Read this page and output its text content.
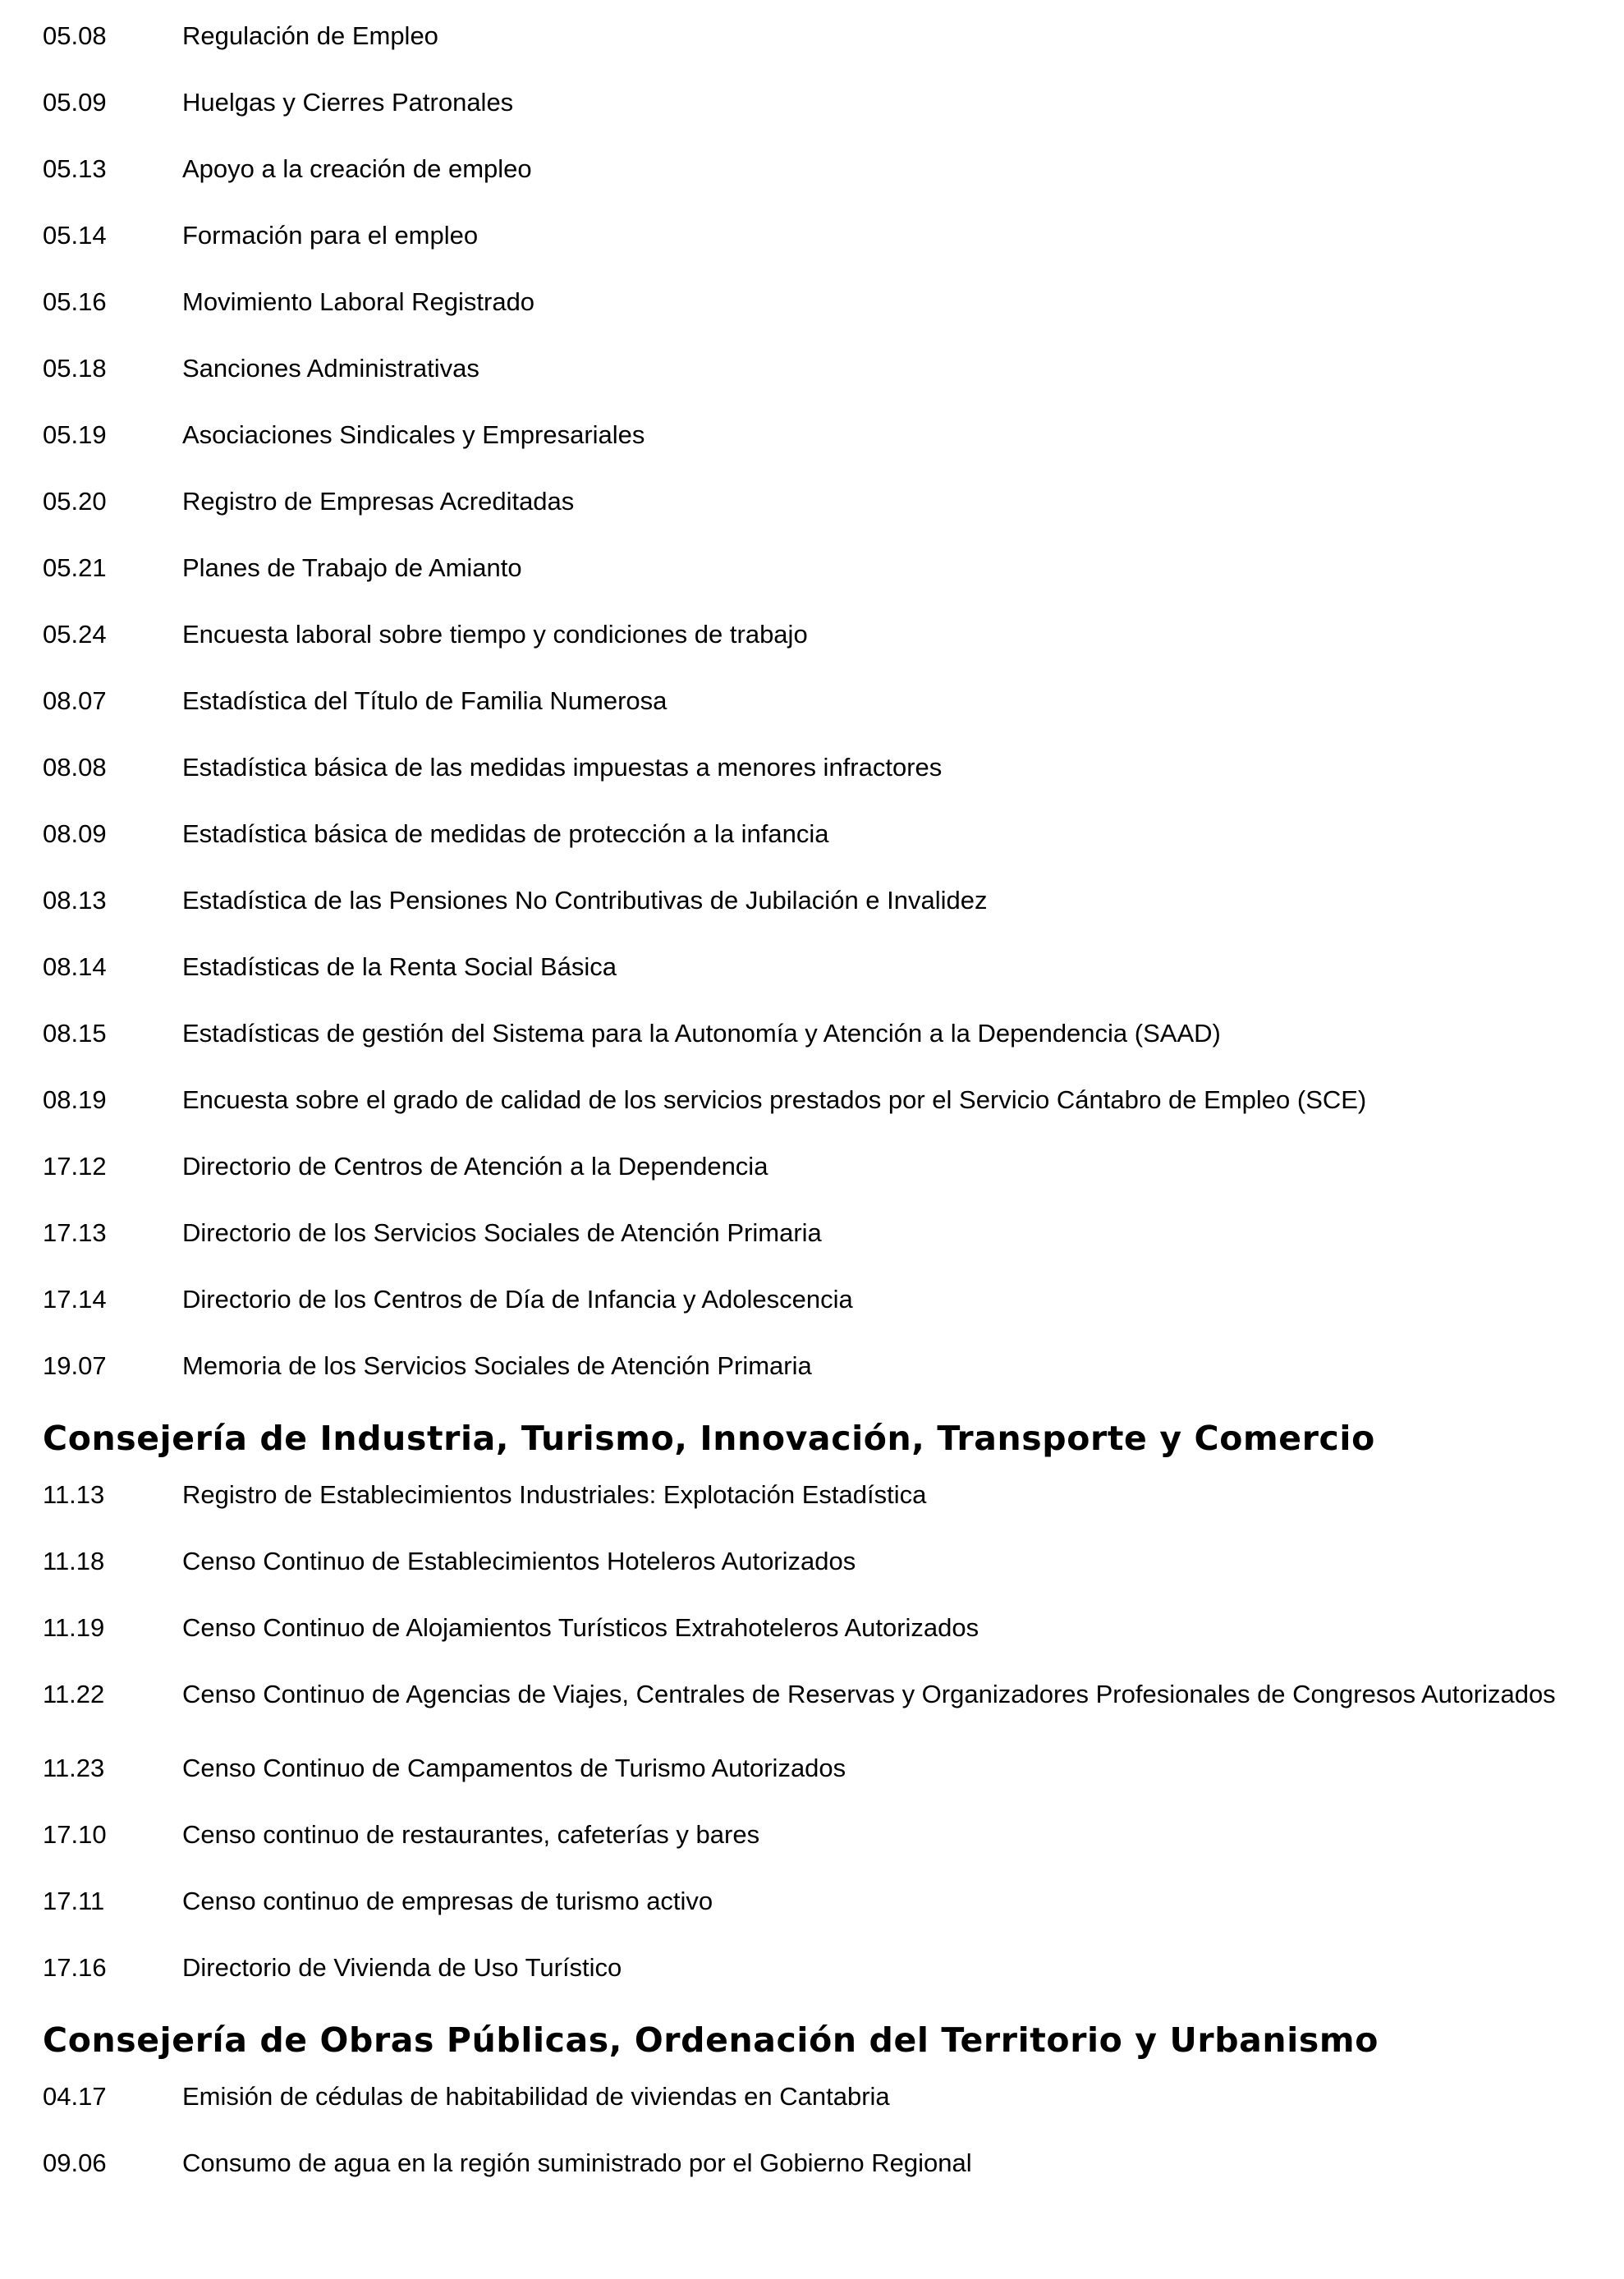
05.08	Regulación de Empleo
05.09	Huelgas y Cierres Patronales
05.13	Apoyo a la creación de empleo
05.14	Formación para el empleo
05.16	Movimiento Laboral Registrado
05.18	Sanciones Administrativas
05.19	Asociaciones Sindicales y Empresariales
05.20	Registro de Empresas Acreditadas
05.21	Planes de Trabajo de Amianto
05.24	Encuesta laboral sobre tiempo y condiciones de trabajo
08.07	Estadística del Título de Familia Numerosa
08.08	Estadística básica de las medidas impuestas a menores infractores
08.09	Estadística básica de medidas de protección a la infancia
08.13	Estadística de las Pensiones No Contributivas de Jubilación e Invalidez
08.14	Estadísticas de la Renta Social Básica
08.15	Estadísticas de gestión del Sistema para la Autonomía y Atención a la Dependencia (SAAD)
08.19	Encuesta sobre el grado de calidad de los servicios prestados por el Servicio Cántabro de Empleo (SCE)
17.12	Directorio de Centros de Atención a la Dependencia
17.13	Directorio de los Servicios Sociales de Atención Primaria
17.14	Directorio de los Centros de Día de Infancia y Adolescencia
19.07	Memoria de los Servicios Sociales de Atención Primaria
Consejería de Industria, Turismo, Innovación, Transporte y Comercio
11.13	Registro de Establecimientos Industriales: Explotación Estadística
11.18	Censo Continuo de Establecimientos Hoteleros Autorizados
11.19	Censo Continuo de Alojamientos Turísticos Extrahoteleros Autorizados
11.22	Censo Continuo de Agencias de Viajes, Centrales de Reservas y Organizadores Profesionales de Congresos Autorizados
11.23	Censo Continuo de Campamentos de Turismo Autorizados
17.10	Censo continuo de restaurantes, cafeterías y bares
17.11	Censo continuo de empresas de turismo activo
17.16	Directorio de Vivienda de Uso Turístico
Consejería de Obras Públicas, Ordenación del Territorio y Urbanismo
04.17	Emisión de cédulas de habitabilidad de viviendas en Cantabria
09.06	Consumo de agua en la región suministrado por el Gobierno Regional
